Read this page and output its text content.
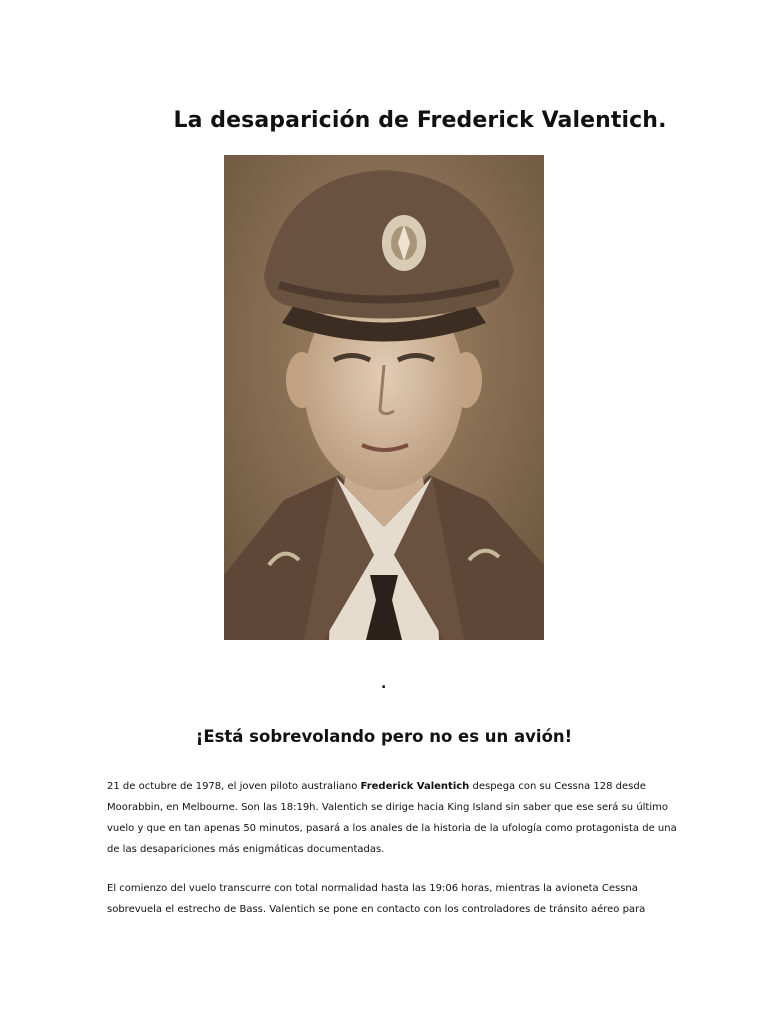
La desaparición de Frederick Valentich.
.
¡Está sobrevolando pero no es un avión!

21 de octubre de 1978, el joven piloto australiano Frederick Valentich despega con su Cessna 128 desde Moorabbin, en Melbourne. Son las 18:19h. Valentich se dirige hacia King Island sin saber que ese será su último vuelo y que en tan apenas 50 minutos, pasará a los anales de la historia de la ufología como protagonista de una de las desapariciones más enigmáticas documentadas.

El comienzo del vuelo transcurre con total normalidad hasta las 19:06 horas, mientras la avioneta Cessna sobrevuela el estrecho de Bass. Valentich se pone en contacto con los controladores de tránsito aéreo para
